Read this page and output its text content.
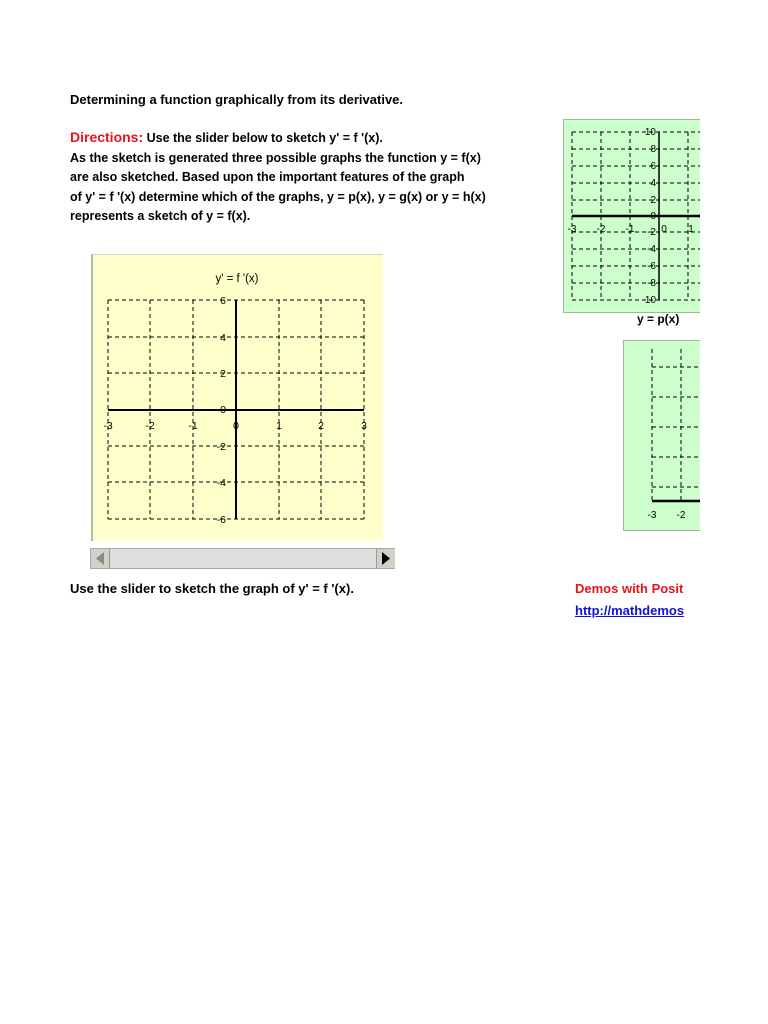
Determining a function graphically from its derivative.
Directions: Use the slider below to sketch y' = f '(x).
As the sketch is generated three possible graphs the function y = f(x)
are also sketched. Based upon the important features of the graph
of y' = f '(x) determine which of the graphs, y = p(x), y = g(x) or y = h(x)
represents a sketch of y = f(x).
y' = f '(x)
6
4
2
0
-2
-4
-6
-3	-2	-1	0	1	2	3
Use the slider to sketch the graph of y' = f '(x).
10
8
6
4
2
0
-2
-4
-6
-8
-10
-3 -2 -1	0 1
y = p(x)
-3 -2
Demos with Posit
http://mathdemos
